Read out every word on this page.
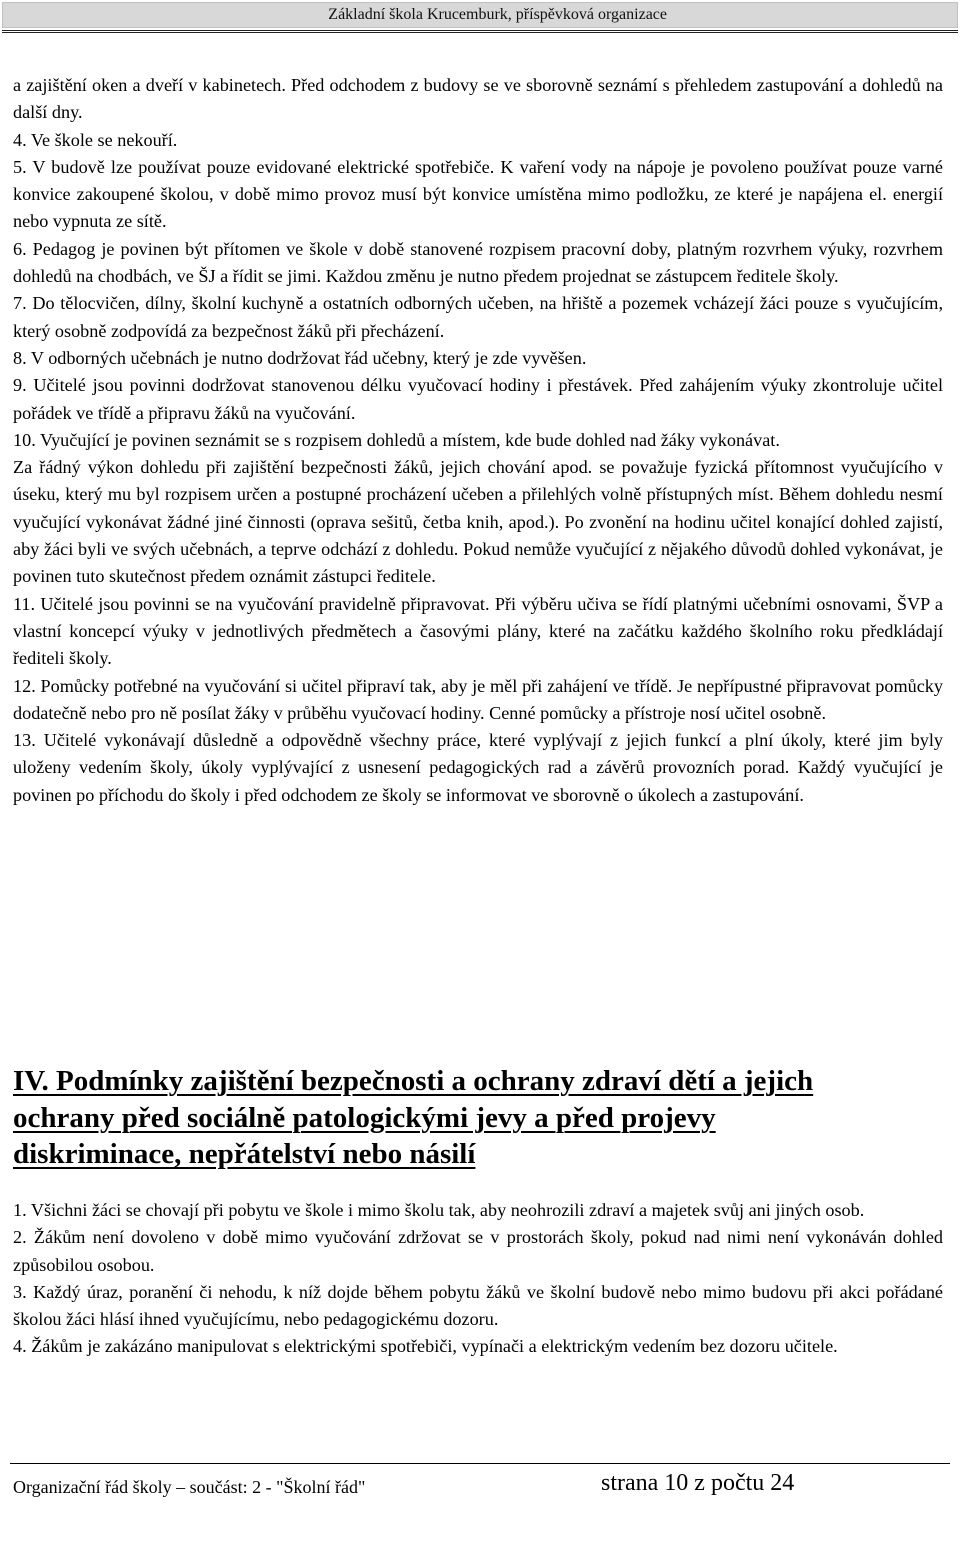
Základní škola Krucemburk, příspěvková organizace

a zajištění oken a dveří v kabinetech. Před odchodem z budovy se ve sborovně seznámí s přehledem zastupování a dohledů na další dny.

4. Ve škole se nekouří.

5. V budově lze používat pouze evidované elektrické spotřebiče. K vaření vody na nápoje je povoleno používat pouze varné konvice zakoupené školou, v době mimo provoz musí být konvice umístěna mimo podložku, ze které je napájena el. energií nebo vypnuta ze sítě.

6. Pedagog je povinen být přítomen ve škole v době stanovené rozpisem pracovní doby, platným rozvrhem výuky, rozvrhem dohledů na chodbách, ve ŠJ a řídit se jimi. Každou změnu je nutno předem projednat se zástupcem ředitele školy.

7. Do tělocvičen, dílny, školní kuchyně a ostatních odborných učeben, na hřiště a pozemek vcházejí žáci pouze s vyučujícím, který osobně zodpovídá za bezpečnost žáků při přecházení.

8. V odborných učebnách je nutno dodržovat řád učebny, který je zde vyvěšen.

9. Učitelé jsou povinni dodržovat stanovenou délku vyučovací hodiny i přestávek. Před zahájením výuky zkontroluje učitel pořádek ve třídě a připravu žáků na vyučování.

10. Vyučující je povinen seznámit se s rozpisem dohledů a místem, kde bude dohled nad žáky vykonávat.

Za řádný výkon dohledu při zajištění bezpečnosti žáků, jejich chování apod. se považuje fyzická přítomnost vyučujícího v úseku, který mu byl rozpisem určen a postupné procházení učeben a přilehlých volně přístupných míst. Během dohledu nesmí vyučující vykonávat žádné jiné činnosti (oprava sešitů, četba knih, apod.). Po zvonění na hodinu učitel konající dohled zajistí, aby žáci byli ve svých učebnách, a teprve odchází z dohledu. Pokud nemůže vyučující z nějakého důvodů dohled vykonávat, je povinen tuto skutečnost předem oznámit zástupci ředitele.

11. Učitelé jsou povinni se na vyučování pravidelně připravovat. Při výběru učiva se řídí platnými učebními osnovami, ŠVP a vlastní koncepcí výuky v jednotlivých předmětech a časovými plány, které na začátku každého školního roku předkládají řediteli školy.

12. Pomůcky potřebné na vyučování si učitel připraví tak, aby je měl při zahájení ve třídě. Je nepřípustné připravovat pomůcky dodatečně nebo pro ně posílat žáky v průběhu vyučovací hodiny. Cenné pomůcky a přístroje nosí učitel osobně.

13. Učitelé vykonávají důsledně a odpovědně všechny práce, které vyplývají z jejich funkcí a plní úkoly, které jim byly uloženy vedením školy, úkoly vyplývající z usnesení pedagogických rad a závěrů provozních porad. Každý vyučující je povinen po příchodu do školy i před odchodem ze školy se informovat ve sborovně o úkolech a zastupování.

IV. Podmínky zajištění bezpečnosti a ochrany zdraví dětí a jejich
ochrany před sociálně patologickými jevy a před projevy
diskriminace, nepřátelství nebo násilí

1. Všichni žáci se chovají při pobytu ve škole i mimo školu tak, aby neohrozili zdraví a majetek svůj ani jiných osob.

2. Žákům není dovoleno v době mimo vyučování zdržovat se v prostorách školy, pokud nad nimi není vykonáván dohled způsobilou osobou.

3. Každý úraz, poranění či nehodu, k níž dojde během pobytu žáků ve školní budově nebo mimo budovu při akci pořádané školou žáci hlásí ihned vyučujícímu, nebo pedagogickému dozoru.

4. Žákům je zakázáno manipulovat s elektrickými spotřebiči, vypínači a elektrickým vedením bez dozoru učitele.

Organizační řád školy – součást: 2 - "Školní řád"	strana 10 z počtu 24
